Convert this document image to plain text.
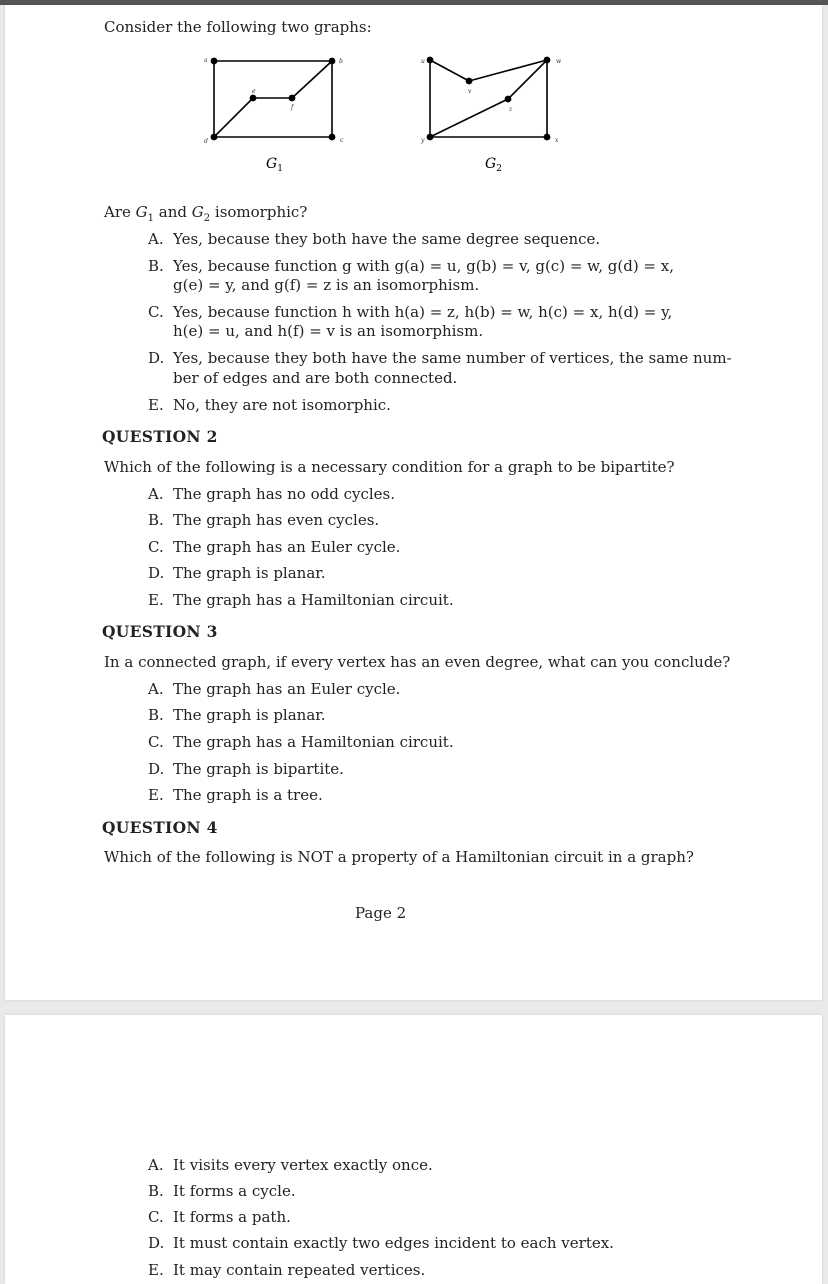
Consider the following two graphs:
a	b
c
d
e
f
$G_1$
u
v
w
x
y
z
$G_2$
Are $G_1$ and $G_2$ isomorphic?
A. Yes, because they both have the same degree sequence.
B. Yes, because function g with g(a) = u, g(b) = v, g(c) = w, g(d) = x,
g(e) = y, and g(f) = z is an isomorphism.
C. Yes, because function h with h(a) = z, h(b) = w, h(c) = x, h(d) = y,
h(e) = u, and h(f) = v is an isomorphism.
D. Yes, because they both have the same number of vertices, the same num-
ber of edges and are both connected.
E. No, they are not isomorphic.
QUESTION 2
Which of the following is a necessary condition for a graph to be bipartite?
A. The graph has no odd cycles.
B. The graph has even cycles.
C. The graph has an Euler cycle.
D. The graph is planar.
E. The graph has a Hamiltonian circuit.
QUESTION 3
In a connected graph, if every vertex has an even degree, what can you conclude?
A. The graph has an Euler cycle.
B. The graph is planar.
C. The graph has a Hamiltonian circuit.
D. The graph is bipartite.
E. The graph is a tree.
QUESTION 4
Which of the following is NOT a property of a Hamiltonian circuit in a graph?
Page 2
A. It visits every vertex exactly once.
B. It forms a cycle.
C. It forms a path.
D. It must contain exactly two edges incident to each vertex.
E. It may contain repeated vertices.
